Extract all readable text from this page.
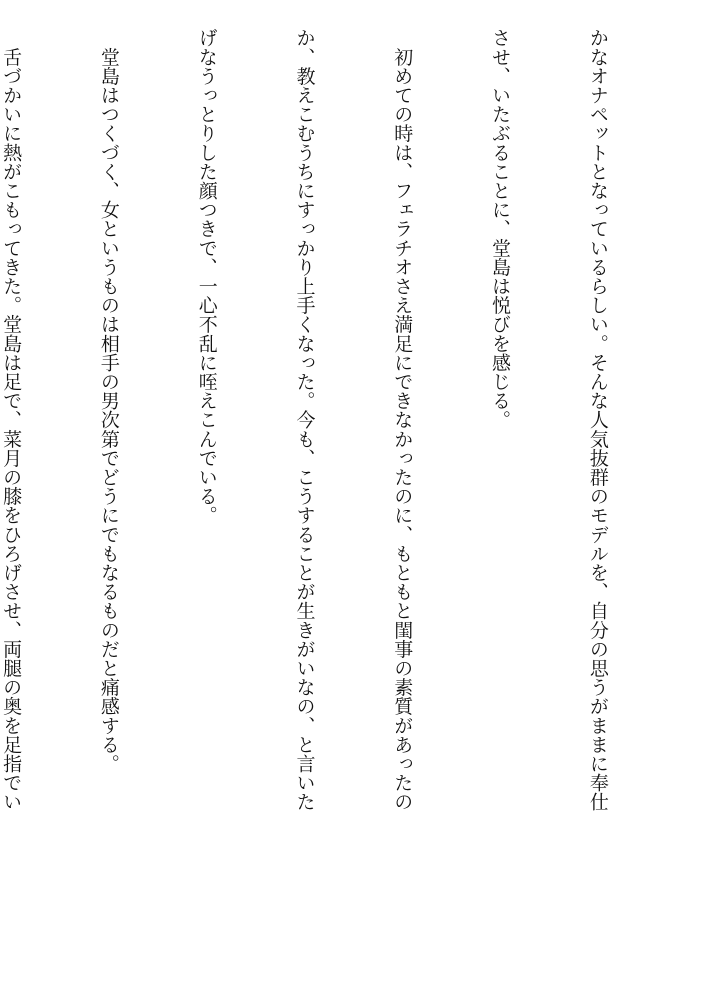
かなオナペットとなっているらしい。そんな人気抜群のモデルを、自分の思うがままに奉仕

させ、いたぶることに、堂島は悦びを感じる。

　初めての時は、フェラチオさえ満足にできなかったのに、もともと閨事の素質があったの

か、教えこむうちにすっかり上手くなった。今も、こうすることが生きがいなの、と言いた

げなうっとりした顔つきで、一心不乱に咥えこんでいる。

　堂島はつくづく、女というものは相手の男次第でどうにでもなるものだと痛感する。

　舌づかいに熱がこもってきた。堂島は足で、菜月の膝をひろげさせ、両腿の奥を足指でい
